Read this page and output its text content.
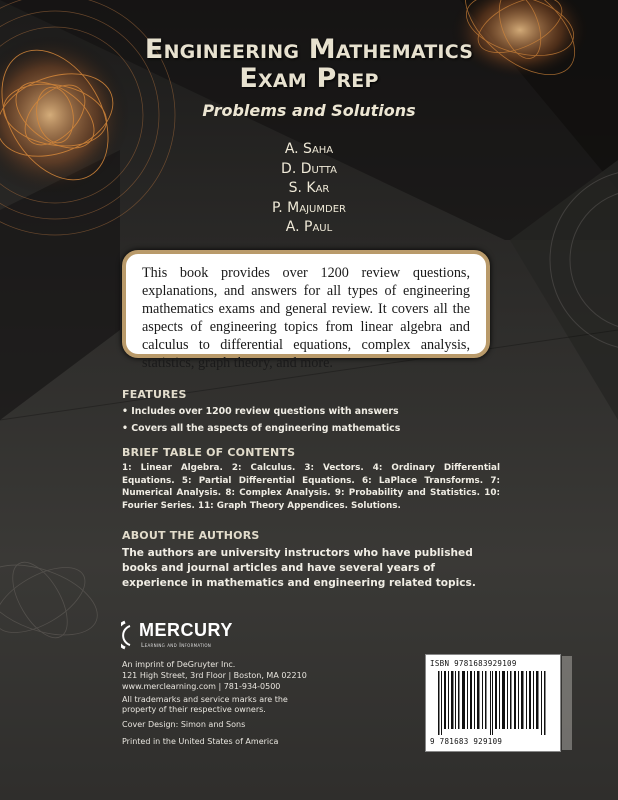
Engineering Mathematics
Exam Prep
Problems and Solutions
A. Saha
D. Dutta
S. Kar
P. Majumder
A. Paul
This book provides over 1200 review questions, explanations, and answers for all types of engineering mathematics exams and general review. It covers all the aspects of engineering topics from linear algebra and calculus to differential equations, complex analysis, statistics, graph theory, and more.
FEATURES
• Includes over 1200 review questions with answers
• Covers all the aspects of engineering mathematics
BRIEF TABLE OF CONTENTS
1: Linear Algebra. 2: Calculus. 3: Vectors. 4: Ordinary Differential Equations. 5: Partial Differential Equations. 6: LaPlace Transforms. 7: Numerical Analysis. 8: Complex Analysis. 9: Probability and Statistics. 10: Fourier Series. 11: Graph Theory Appendices. Solutions.
ABOUT THE AUTHORS
The authors are university instructors who have published books and journal articles and have several years of experience in mathematics and engineering related topics.
MERCURY
Learning and Information
An imprint of DeGruyter Inc.
121 High Street, 3rd Floor | Boston, MA 02210
www.merclearning.com | 781-934-0500
All trademarks and service marks are the
property of their respective owners.
Cover Design: Simon and Sons
Printed in the United States of America
ISBN 9781683929109
9 781683 929109
